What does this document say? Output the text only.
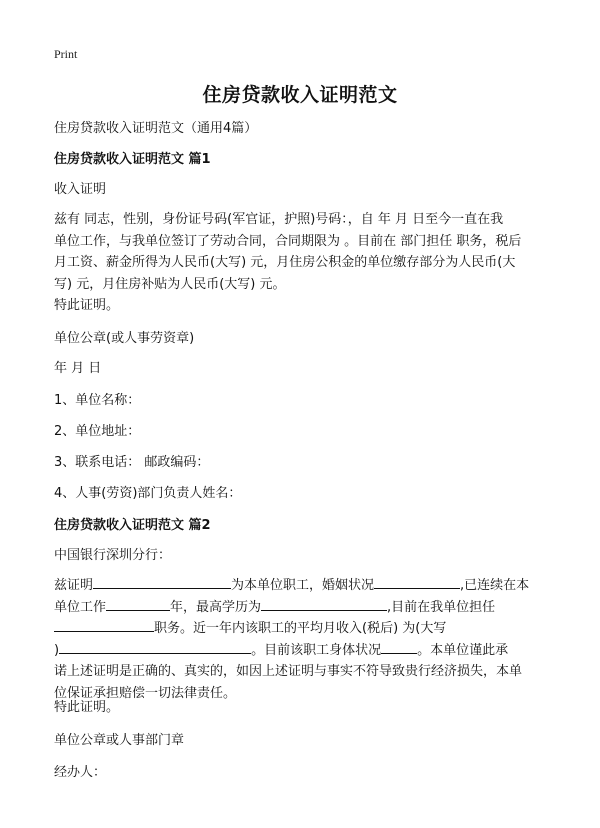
Print
住房贷款收入证明范文
住房贷款收入证明范文（通用4篇）
住房贷款收入证明范文 篇1
收入证明
兹有 同志，性别，身份证号码(军官证，护照)号码：，自 年 月 日至今一直在我
单位工作，与我单位签订了劳动合同，合同期限为 。目前在 部门担任 职务，税后
月工资、薪金所得为人民币(大写) 元，月住房公积金的单位缴存部分为人民币(大
写) 元，月住房补贴为人民币(大写) 元。
特此证明。
单位公章(或人事劳资章)
年 月 日
1、单位名称：
2、单位地址：
3、联系电话： 邮政编码：
4、人事(劳资)部门负责人姓名：
住房贷款收入证明范文 篇2
中国银行深圳分行：
兹证明	为本单位职工，婚姻状况	,已连续在本
单位工作	年，最高学历为	,目前在我单位担任
职务。近一年内该职工的平均月收入(税后) 为(大写
)	。目前该职工身体状况	。本单位谨此承
诺上述证明是正确的、真实的，如因上述证明与事实不符导致贵行经济损失，本单
位保证承担赔偿一切法律责任。
特此证明。
单位公章或人事部门章
经办人：
